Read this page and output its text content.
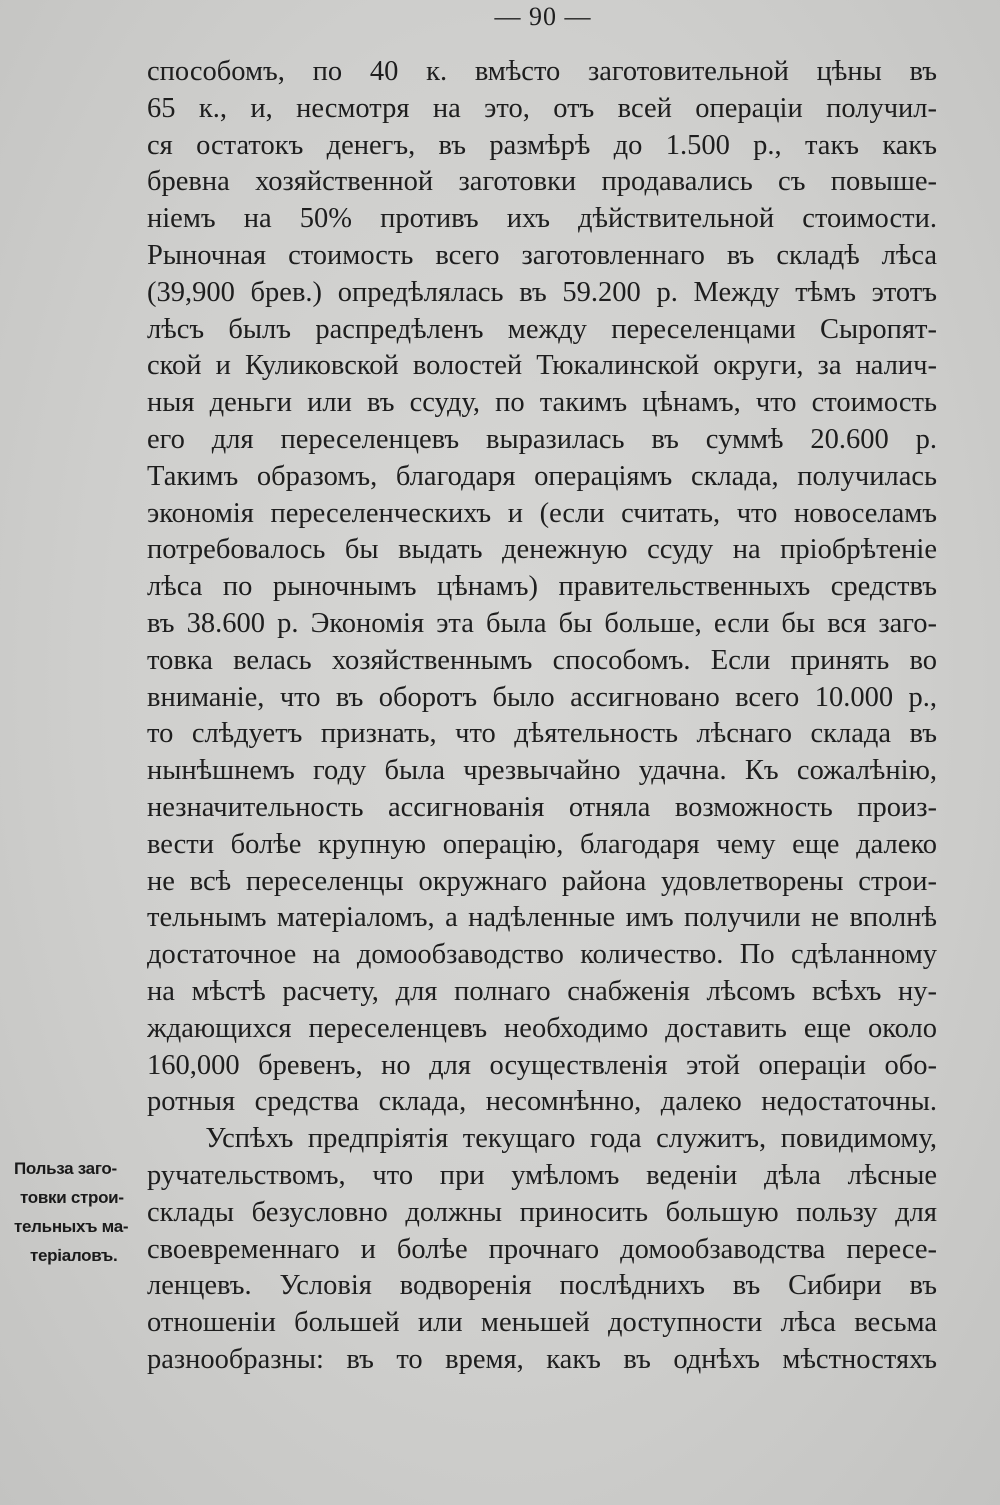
— 90 —
Польза заго-
товки строи-
тельныхъ ма-
теріаловъ.
способомъ, по 40 к. вмѣсто заготовительной цѣны въ
65 к., и, несмотря на это, отъ всей операціи получил-
ся остатокъ денегъ, въ размѣрѣ до 1.500 р., такъ какъ
бревна хозяйственной заготовки продавались съ повыше-
ніемъ на 50% противъ ихъ дѣйствительной стоимости.
Рыночная стоимость всего заготовленнаго въ складѣ лѣса
(39,900 брев.) опредѣлялась въ 59.200 р. Между тѣмъ этотъ
лѣсъ былъ распредѣленъ между переселенцами Сыропят-
ской и Куликовской волостей Тюкалинской округи, за налич-
ныя деньги или въ ссуду, по такимъ цѣнамъ, что стоимость
его для переселенцевъ выразилась въ суммѣ 20.600 р.
Такимъ образомъ, благодаря операціямъ склада, получилась
экономія переселенческихъ и (если считать, что новоселамъ
потребовалось бы выдать денежную ссуду на пріобрѣтеніе
лѣса по рыночнымъ цѣнамъ) правительственныхъ средствъ
въ 38.600 р. Экономія эта была бы больше, если бы вся заго-
товка велась хозяйственнымъ способомъ. Если принять во
вниманіе, что въ оборотъ было ассигновано всего 10.000 р.,
то слѣдуетъ признать, что дѣятельность лѣснаго склада въ
нынѣшнемъ году была чрезвычайно удачна. Къ сожалѣнію,
незначительность ассигнованія отняла возможность произ-
вести болѣе крупную операцію, благодаря чему еще далеко
не всѣ переселенцы окружнаго района удовлетворены строи-
тельнымъ матеріаломъ, а надѣленные имъ получили не вполнѣ
достаточное на домообзаводство количество. По сдѣланному
на мѣстѣ расчету, для полнаго снабженія лѣсомъ всѣхъ ну-
ждающихся переселенцевъ необходимо доставить еще около
160,000 бревенъ, но для осуществленія этой операціи обо-
ротныя средства склада, несомнѣнно, далеко недостаточны.
Успѣхъ предпріятія текущаго года служитъ, повидимому,
ручательствомъ, что при умѣломъ веденіи дѣла лѣсные
склады безусловно должны приносить большую пользу для
своевременнаго и болѣе прочнаго домообзаводства пересе-
ленцевъ. Условія водворенія послѣднихъ въ Сибири въ
отношеніи большей или меньшей доступности лѣса весьма
разнообразны: въ то время, какъ въ однѣхъ мѣстностяхъ
